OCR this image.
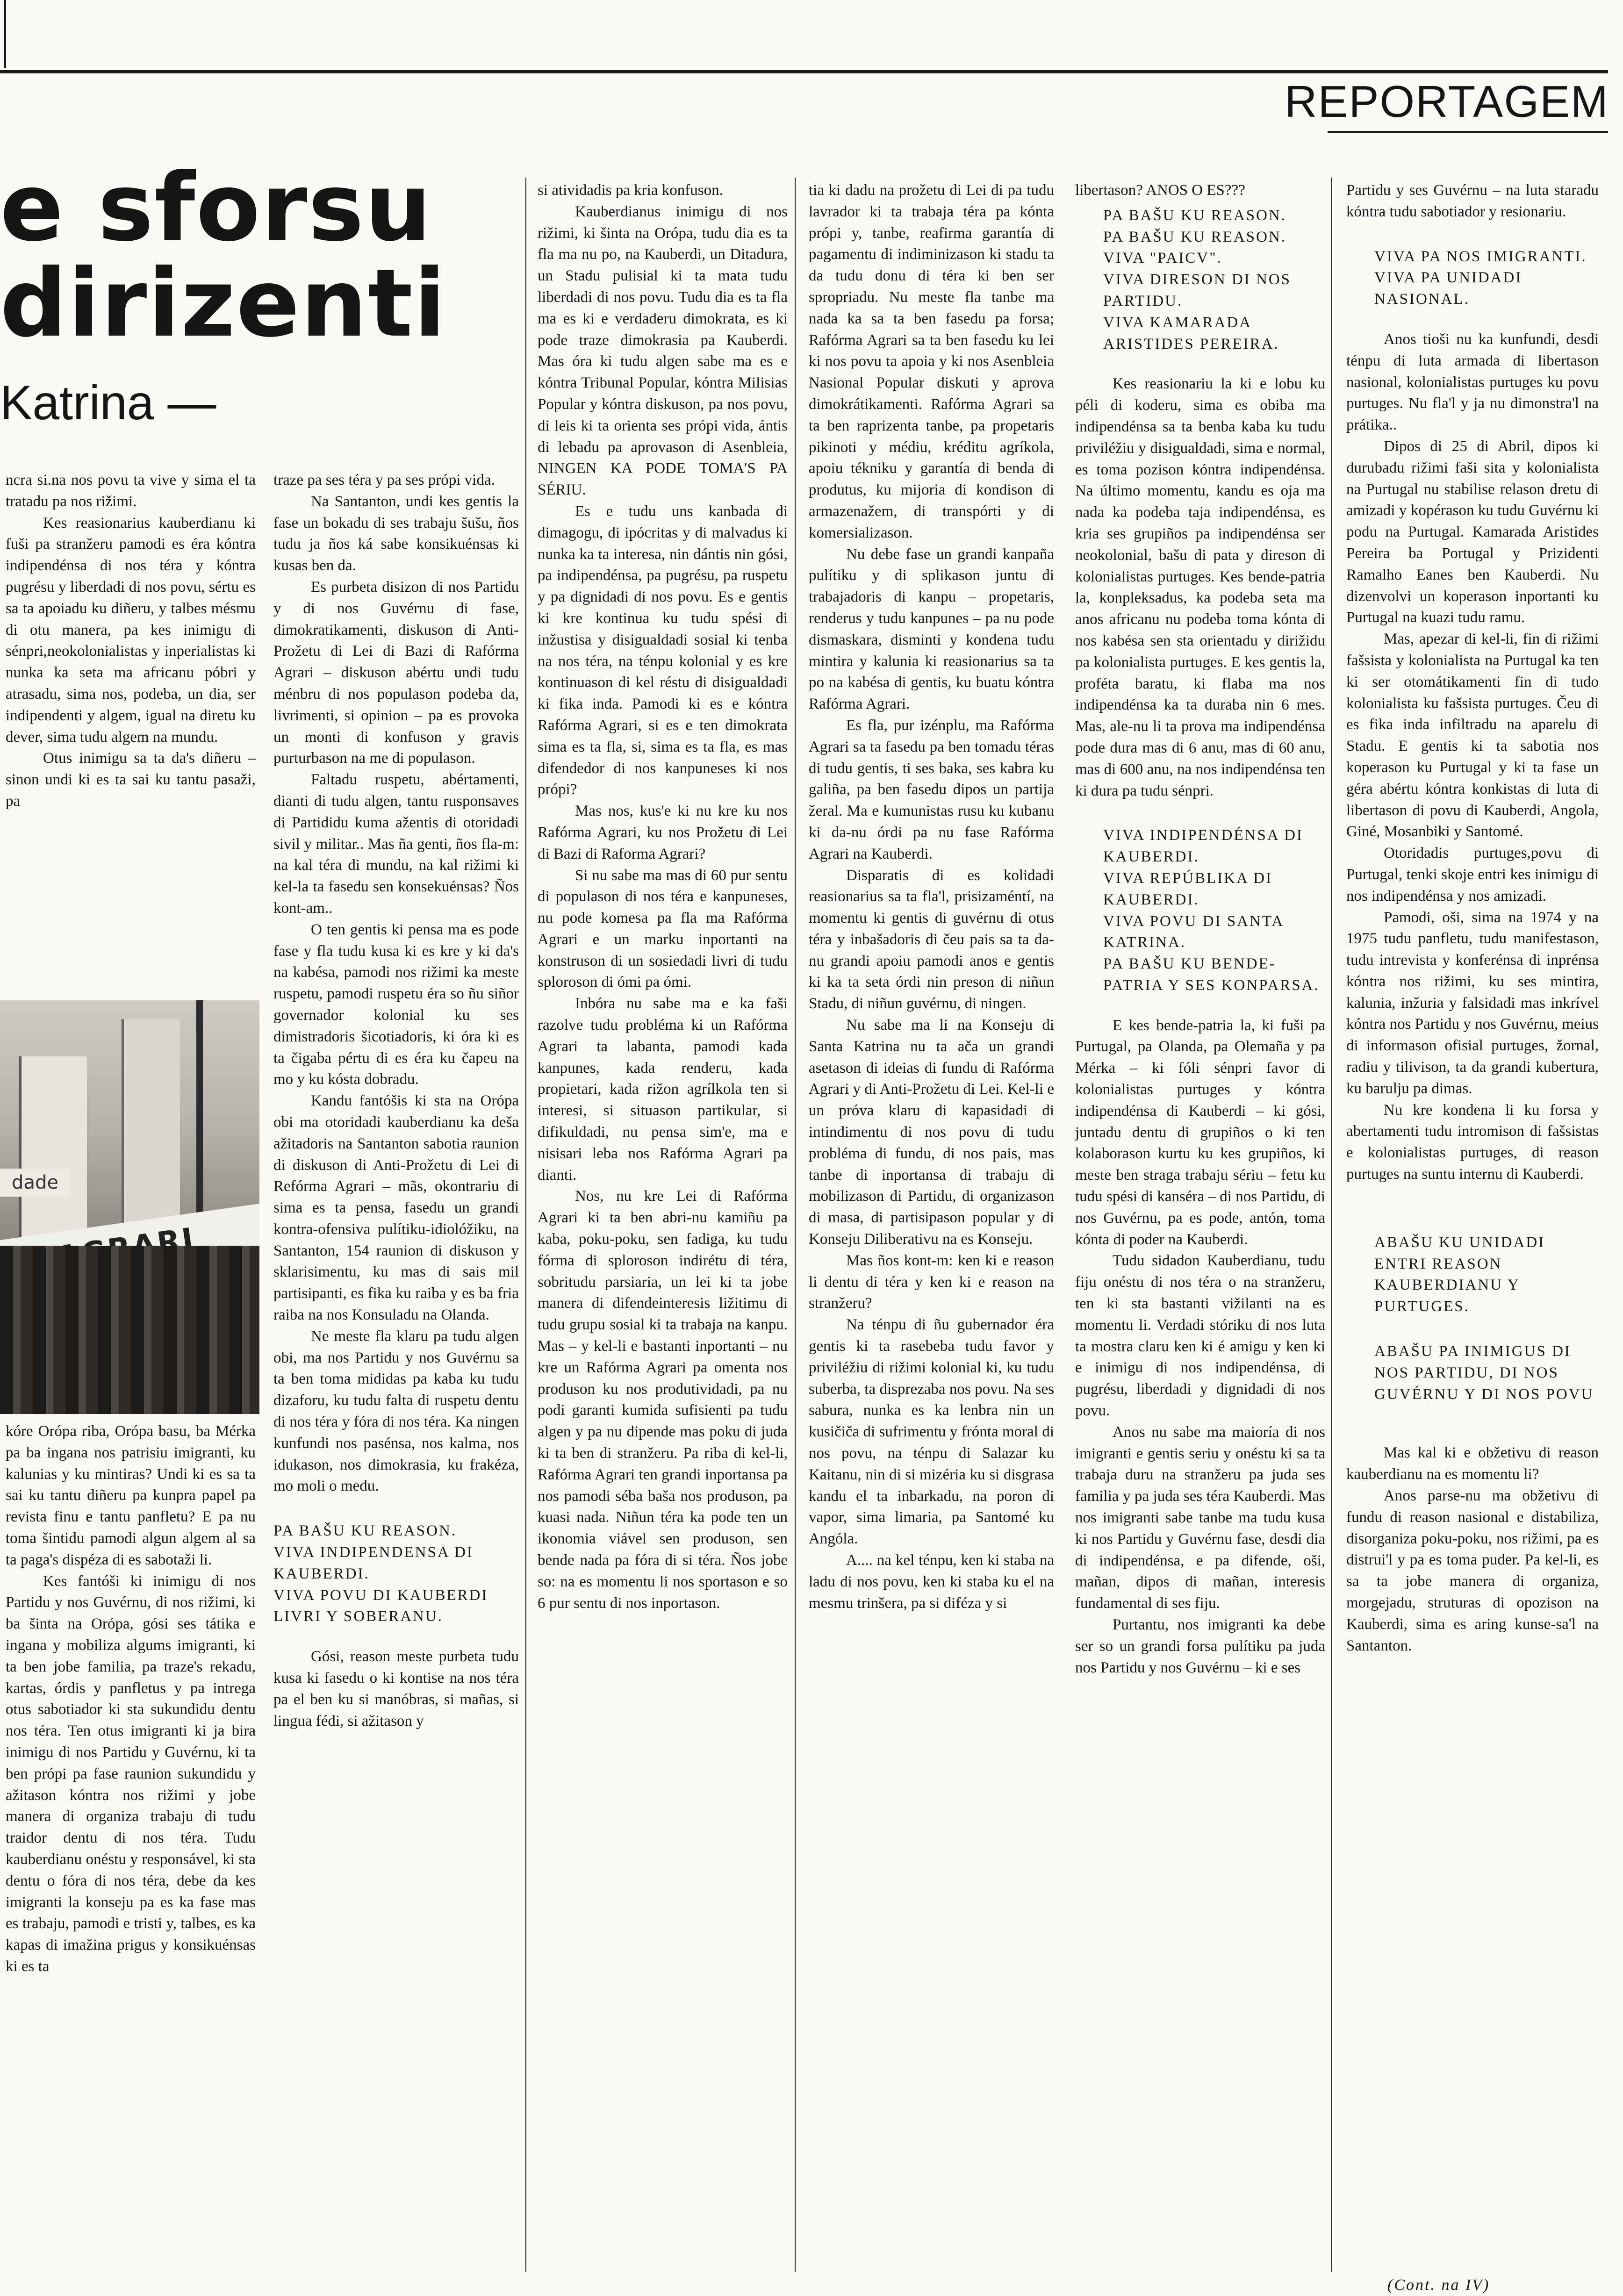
REPORTAGEM
e sforsu
dirizenti
Katrina —

ncra si.na nos povu ta vive y sima el ta tratadu pa nos rižimi.

Kes reasionarius kauberdianu ki fuši pa stranžeru pamodi es éra kóntra indipendénsa di nos téra y kóntra pugrésu y liberdadi di nos povu, sértu es sa ta apoiadu ku diñeru, y talbes mésmu di otu manera, pa kes inimigu di sénpri,neokolonialistas y inperialistas ki nunka ka seta ma africanu póbri y atrasadu, sima nos, podeba, un dia, ser indipendenti y algem, igual na diretu ku dever, sima tudu algem na mundu.

Otus inimigu sa ta da's diñeru – sinon undi ki es ta sai ku tantu pasaži, pa

dade

kóre Orópa riba, Orópa basu, ba Mérka pa ba ingana nos patrisiu imigranti, ku kalunias y ku mintiras? Undi ki es sa ta sai ku tantu diñeru pa kunpra papel pa revista finu e tantu panfletu? E pa nu toma šintidu pamodi algun algem al sa ta paga's dispéza di es sabotaži li.

Kes fantóši ki inimigu di nos Partidu y nos Guvérnu, di nos rižimi, ki ba šinta na Orópa, gósi ses tátika e ingana y mobiliza algums imigranti, ki ta ben jobe familia, pa traze's rekadu, kartas, órdis y panfletus y pa intrega otus sabotiador ki sta sukundidu dentu nos téra. Ten otus imigranti ki ja bira inimigu di nos Partidu y Guvérnu, ki ta ben própi pa fase raunion sukundidu y ažitason kóntra nos rižimi y jobe manera di organiza trabaju di tudu traidor dentu di nos téra. Tudu kauberdianu onéstu y responsável, ki sta dentu o fóra di nos téra, debe da kes imigranti la konseju pa es ka fase mas es trabaju, pamodi e tristi y, talbes, es ka kapas di imažina prigus y konsikuénsas ki es ta

traze pa ses téra y pa ses própi vida.

Na Santanton, undi kes gentis la fase un bokadu di ses trabaju šušu, ños tudu ja ños ká sabe konsikuénsas ki kusas ben da.

Es purbeta disizon di nos Partidu y di nos Guvérnu di fase, dimokratikamenti, diskuson di Anti-Prožetu di Lei di Bazi di Rafórma Agrari – diskuson abértu undi tudu ménbru di nos populason podeba da, livrimenti, si opinion – pa es provoka un monti di konfuson y gravis purturbason na me di populason.

Faltadu ruspetu, abértamenti, dianti di tudu algen, tantu rusponsaves di Partididu kuma ažentis di otoridadi sivil y militar.. Mas ña genti, ños fla-m: na kal téra di mundu, na kal rižimi ki kel-la ta fasedu sen konsekuénsas? Ños kont-am..

O ten gentis ki pensa ma es pode fase y fla tudu kusa ki es kre y ki da's na kabésa, pamodi nos rižimi ka meste ruspetu, pamodi ruspetu éra so ñu siñor governador kolonial ku ses dimistradoris šicotiadoris, ki óra ki es ta čigaba pértu di es éra ku čapeu na mo y ku kósta dobradu.

Kandu fantóšis ki sta na Orópa obi ma otoridadi kauberdianu ka deša ažitadoris na Santanton sabotia raunion di diskuson di Anti-Prožetu di Lei di Refórma Agrari – mãs, okontrariu di sima es ta pensa, fasedu un grandi kontra-ofensiva pulítiku-idiolóžiku, na Santanton, 154 raunion di diskuson y sklarisimentu, ku mas di sais mil partisipanti, es fika ku raiba y es ba fria raiba na nos Konsuladu na Olanda.

Ne meste fla klaru pa tudu algen obi, ma nos Partidu y nos Guvérnu sa ta ben toma mididas pa kaba ku tudu dizaforu, ku tudu falta di ruspetu dentu di nos téra y fóra di nos téra. Ka ningen kunfundi nos pasénsa, nos kalma, nos idukason, nos dimokrasia, ku frakéza, mo moli o medu.

PA BAŠU KU REASON.
VIVA INDIPENDENSA DI KAUBERDI.
VIVA POVU DI KAUBERDI LIVRI Y SOBERANU.

Gósi, reason meste purbeta tudu kusa ki fasedu o ki kontise na nos téra pa el ben ku si manóbras, si mañas, si lingua fédi, si ažitason y

si atividadis pa kria konfuson.

Kauberdianus inimigu di nos rižimi, ki šinta na Orópa, tudu dia es ta fla ma nu po, na Kauberdi, un Ditadura, un Stadu pulisial ki ta mata tudu liberdadi di nos povu. Tudu dia es ta fla ma es ki e verdaderu dimokrata, es ki pode traze dimokrasia pa Kauberdi. Mas óra ki tudu algen sabe ma es e kóntra Tribunal Popular, kóntra Milisias Popular y kóntra diskuson, pa nos povu, di leis ki ta orienta ses própi vida, ántis di lebadu pa aprovason di Asenbleia, NINGEN KA PODE TOMA'S PA SÉRIU.

Es e tudu uns kanbada di dimagogu, di ipócritas y di malvadus ki nunka ka ta interesa, nin dántis nin gósi, pa indipendénsa, pa pugrésu, pa ruspetu y pa dignidadi di nos povu. Es e gentis ki kre kontinua ku tudu spési di inžustisa y disigualdadi sosial ki tenba na nos téra, na ténpu kolonial y es kre kontinuason di kel réstu di disigualdadi ki fika inda. Pamodi ki es e kóntra Rafórma Agrari, si es e ten dimokrata sima es ta fla, si, sima es ta fla, es mas difendedor di nos kanpuneses ki nos própi?

Mas nos, kus'e ki nu kre ku nos Rafórma Agrari, ku nos Prožetu di Lei di Bazi di Raforma Agrari?

Si nu sabe ma mas di 60 pur sentu di populason di nos téra e kanpuneses, nu pode komesa pa fla ma Rafórma Agrari e un marku inportanti na konstruson di un sosiedadi livri di tudu sploroson di ómi pa ómi.

Inbóra nu sabe ma e ka faši razolve tudu problémа ki un Rafórma Agrari ta labanta, pamodi kada kanpunes, kada renderu, kada propietari, kada rižon agrílkola ten si interesi, si situason partikular, si difikuldadi, nu pensa sim'e, ma e nisisari leba nos Rafórma Agrari pa dianti.

Nos, nu kre Lei di Rafórma Agrari ki ta ben abri-nu kamiñu pa kaba, poku-poku, sen fadiga, ku tudu fórma di sploroson indirétu di téra, sobritudu parsiaria, un lei ki ta jobe manera di difendeinteresis ližitimu di tudu grupu sosial ki ta trabaja na kanpu. Mas – y kel-li e bastanti inportanti – nu kre un Rafórma Agrari pa omenta nos produson ku nos produtividadi, pa nu podi garanti kumida sufisienti pa tudu algen y pa nu dipende mas poku di juda ki ta ben di stranžeru. Pa riba di kel-li, Rafórma Agrari ten grandi inportansa pa nos pamodi séba bašа nos produson, pa kuasi nada. Niñun téra ka pode ten un ikonomia viável sen produson, sen bende nada pa fóra di si téra. Ños jobe so: na es momentu li nos sportason e so 6 pur sentu di nos inportason.

tia ki dadu na prožetu di Lei di pa tudu lavrador ki ta trabaja téra pa kónta própi y, tanbe, reafirma garantía di pagamentu di indiminizason ki stadu ta da tudu donu di téra ki ben ser spropriadu. Nu meste fla tanbe ma nada ka sa ta ben fasedu pa forsa; Rafórma Agrari sa ta ben fasedu ku lei ki nos povu ta apoia y ki nos Asenbleia Nasional Popular diskuti y aprova dimokrátikamenti. Rafórma Agrari sa ta ben raprizenta tanbe, pa propetaris pikinoti y médiu, kréditu agríkola, apoiu tékniku y garantía di benda di produtus, ku mijoria di kondison di armazenažem, di transpórti y di komersializason.

Nu debe fase un grandi kanpaña pulítiku y di splikason juntu di trabajadoris di kanpu – propetaris, renderus y tudu kanpunes – pa nu pode dismaskara, disminti y kondena tudu mintira y kalunia ki reasionarius sa ta po na kabésa di gentis, ku buatu kóntra Rafórma Agrari.

Es fla, pur izénplu, ma Rafórma Agrari sa ta fasedu pa ben tomadu téras di tudu gentis, ti ses baka, ses kabra ku galiña, pa ben fasedu dipos un partija žeral. Ma e kumunistas rusu ku kubanu ki da-nu órdi pa nu fase Rafórma Agrari na Kauberdi.

Disparatis di es kolidadi reasionarius sa ta fla'l, prisizaméntí, na momentu ki gentis di guvérnu di otus téra y inbašadoris di čeu pais sa ta da-nu grandi apoiu pamodi anos e gentis ki ka ta seta órdi nin preson di niñun Stadu, di niñun guvérnu, di ningen.

Nu sabe ma li na Konseju di Santa Katrina nu ta ača un grandi asetason di ideias di fundu di Rafórma Agrari y di Anti-Prožetu di Lei. Kel-li e un próva klaru di kapasidadi di intindimentu di nos povu di tudu problémа di fundu, di nos pais, mas tanbe di inportansa di trabaju di mobilizason di Partidu, di organizason di masa, di partisipason popular y di Konseju Diliberativu na es Konseju.

Mas ños kont-m: ken ki e reason li dentu di téra y ken ki e reason na stranžeru?

Na ténpu di ñu gubernador éra gentis ki ta rasebeba tudu favor y priviléžiu di rižimi kolonial ki, ku tudu suberba, ta disprezaba nos povu. Na ses sabura, nunka es ka lenbra nin un kusičiča di sufrimentu y fróntа moral di nos povu, na ténpu di Salazar ku Kaitanu, nin di si mizéria ku si disgrasa kandu el ta inbarkadu, na poron di vapor, sima limaria, pa Santomé ku Angóla.

A.... na kel ténpu, ken ki staba na ladu di nos povu, ken ki staba ku el na mesmu trinšera, pa si diféza y si

libertason? ANOS O ES???

PA BAŠU KU REASON.
PA BAŠU KU REASON.
VIVA "PAICV".
VIVA DIRESON DI NOS PARTIDU.
VIVA KAMARADA ARISTIDES PEREIRA.

Kes reasionariu la ki e lobu ku péli di koderu, sima es obiba ma indipendénsa sa ta benba kaba ku tudu priviléžiu y disigualdadi, sima e normal, es toma pozison kóntra indipendénsa. Na último momentu, kandu es oja ma nada ka podeba taja indipendénsa, es kria ses grupiños pa indipendénsa ser neokolonial, bašu di pata y direson di kolonialistas purtuges. Kes bende-patria la, konpleksadus, ka podeba seta ma anos africanu nu podeba toma kónta di nos kabésa sen sta orientadu y dirižidu pa kolonialista purtuges. E kes gentis la, proféta baratu, ki flaba ma nos indipendénsa ka ta duraba nin 6 mes. Mas, ale-nu li ta prova ma indipendénsa pode dura mas di 6 anu, mas di 60 anu, mas di 600 anu, na nos indipendénsa ten ki dura pa tudu sénpri.

VIVA INDIPENDÉNSA DI KAUBERDI.
VIVA REPÚBLIKA DI KAUBERDI.
VIVA POVU DI SANTA KATRINA.
PA BAŠU KU BENDE-PATRIA Y SES KONPARSA.

E kes bende-patria la, ki fuši pa Purtugal, pa Olanda, pa Olemaña y pa Mérka – ki fóli sénpri favor di kolonialistas purtuges y kóntra indipendénsa di Kauberdi – ki gósi, juntadu dentu di grupiños o ki ten kolaborason kurtu ku kes grupiños, ki meste ben straga trabaju sériu – fetu ku tudu spési di kanséra – di nos Partidu, di nos Guvérnu, pa es pode, antón, toma kónta di poder na Kauberdi.

Tudu sidadon Kauberdianu, tudu fiju onéstu di nos téra o na stranžeru, ten ki sta bastanti vižilanti na es momentu li. Verdadi stóriku di nos luta ta mostra claru ken ki é amigu y ken ki e inimigu di nos indipendénsa, di pugrésu, liberdadi y dignidadi di nos povu.

Anos nu sabe ma maioría di nos imigranti e gentis seriu y onéstu ki sa ta trabaja duru na stranžeru pa juda ses familia y pa juda ses téra Kauberdi. Mas nos imigranti sabe tanbe ma tudu kusa ki nos Partidu y Guvérnu fase, desdi dia di indipendénsa, e pa difende, oši, mañan, dipos di mañan, interesis fundamental di ses fiju.

Purtantu, nos imigranti ka debe ser so un grandi forsa pulítiku pa juda nos Partidu y nos Guvérnu – ki e ses

Partidu y ses Guvérnu – na luta staradu kóntra tudu sabotiador y resionariu.

VIVA PA NOS IMIGRANTI.
VIVA PA UNIDADI NASIONAL.

Anos tioši nu ka kunfundi, desdi ténpu di luta armada di libertason nasional, kolonialistas purtuges ku povu purtuges. Nu fla'l y ja nu dimonstra'l na prátika..

Dipos di 25 di Abril, dipos ki durubadu rižimi faši sita y kolonialista na Purtugal nu stabilise relason dretu di amizadi y kopérason ku tudu Guvérnu ki podu na Purtugal. Kamarada Aristides Pereira ba Portugal y Prizidenti Ramalho Eanes ben Kauberdi. Nu dizenvolvi un koperason inportanti ku Purtugal na kuazi tudu ramu.

Mas, apezar di kel-li, fin di rižimi fašsista y kolonialista na Purtugal ka ten ki ser otomátikamenti fin di tudo kolonialista ku fašsista purtuges. Čeu di es fika inda infiltradu na aparelu di Stadu. E gentis ki ta sabotia nos koperason ku Purtugal y ki ta fase un géra abértu kóntra konkistas di luta di libertason di povu di Kauberdi, Angola, Giné, Mosanbiki y Santomé.

Otoridadis purtuges,povu di Purtugal, tenki skoje entri kes inimigu di nos indipendénsa y nos amizadi.

Pamodi, oši, sima na 1974 y na 1975 tudu panfletu, tudu manifestason, tudu intrevista y konferénsa di inprénsa kóntra nos rižimi, ku ses mintira, kalunia, inžuria y falsidadi mas inkrível kóntra nos Partidu y nos Guvérnu, meius di informason ofisial purtuges, žornal, radiu y tilivison, ta da grandi kubertura, ku barulju pa dimas.

Nu kre kondena li ku forsa y abertamenti tudu intromison di fašsistas e kolonialistas purtuges, di reason purtuges na suntu internu di Kauberdi.

ABAŠU KU UNIDADI ENTRI REASON KAUBERDIANU Y PURTUGES.
ABAŠU PA INIMIGUS DI NOS PARTIDU, DI NOS GUVÉRNU Y DI NOS POVU

Mas kal ki e obžetivu di reason kauberdianu na es momentu li?

Anos parse-nu ma obžetivu di fundu di reason nasional e distabiliza, disorganiza poku-poku, nos rižimi, pa es distrui'l y pa es toma puder. Pa kel-li, es sa ta jobe manera di organiza, morgejadu, struturas di opozison na Kauberdi, sima es aring kunse-sa'l na Santanton.

(Cont. na IV)
